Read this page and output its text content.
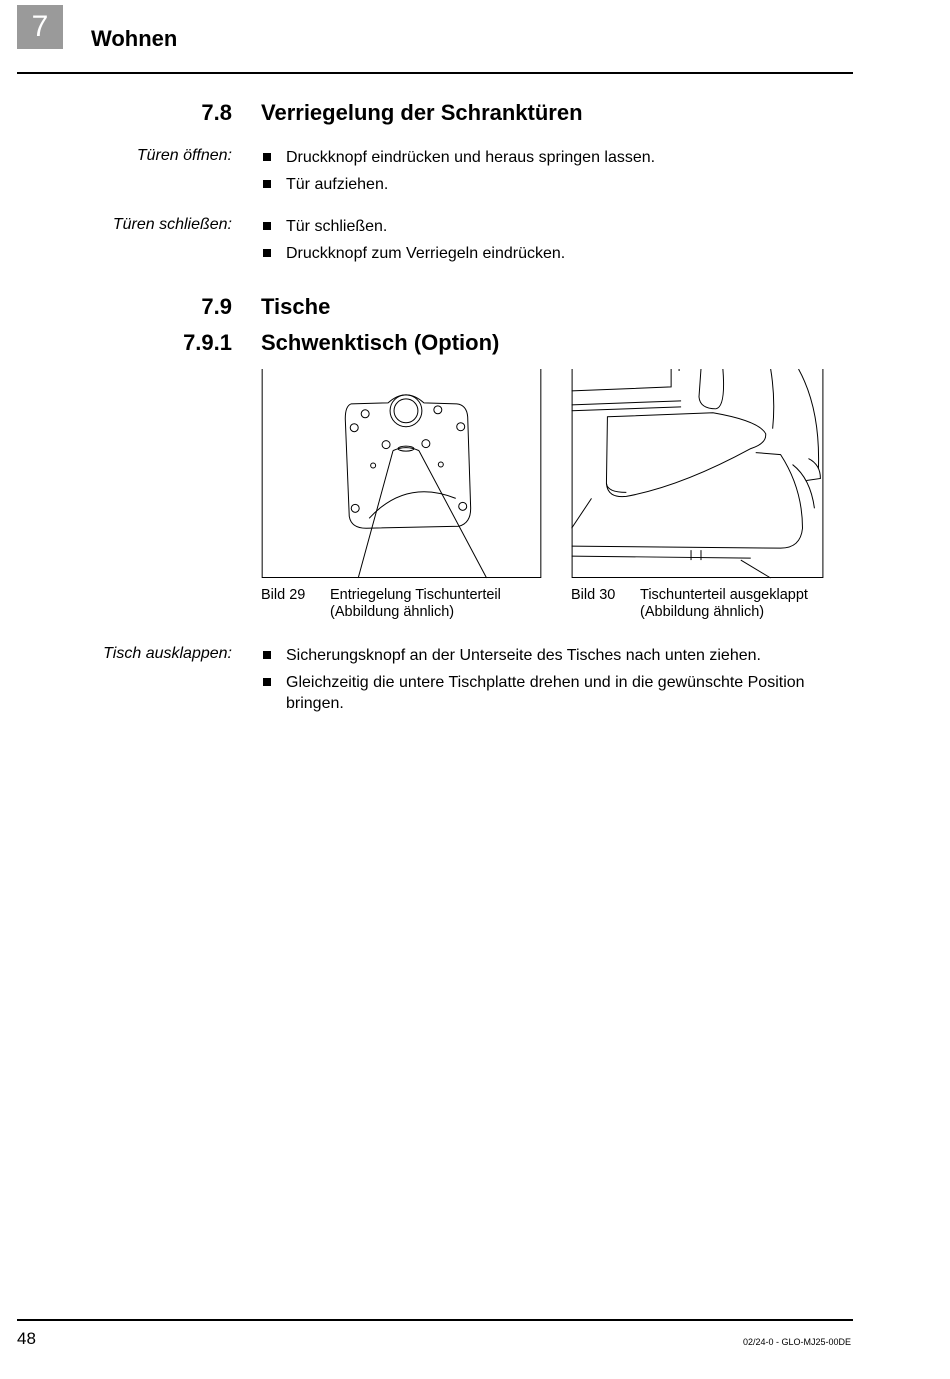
7	Wohnen
7.8 Verriegelung der Schranktüren
Türen öffnen:	Druckknopf eindrücken und heraus springen lassen.
Tür aufziehen.
Türen schließen:	Tür schließen.
Druckknopf zum Verriegeln eindrücken.
7.9 Tische
7.9.1 Schwenktisch (Option)
Bild 29 Entriegelung Tischunterteil
(Abbildung ähnlich)
Bild 30 Tischunterteil ausgeklappt
(Abbildung ähnlich)
Tisch ausklappen:	Sicherungsknopf an der Unterseite des Tisches nach unten ziehen.
Gleichzeitig die untere Tischplatte drehen und in die gewünschte Position bringen.
48	02/24-0 - GLO-MJ25-00DE
